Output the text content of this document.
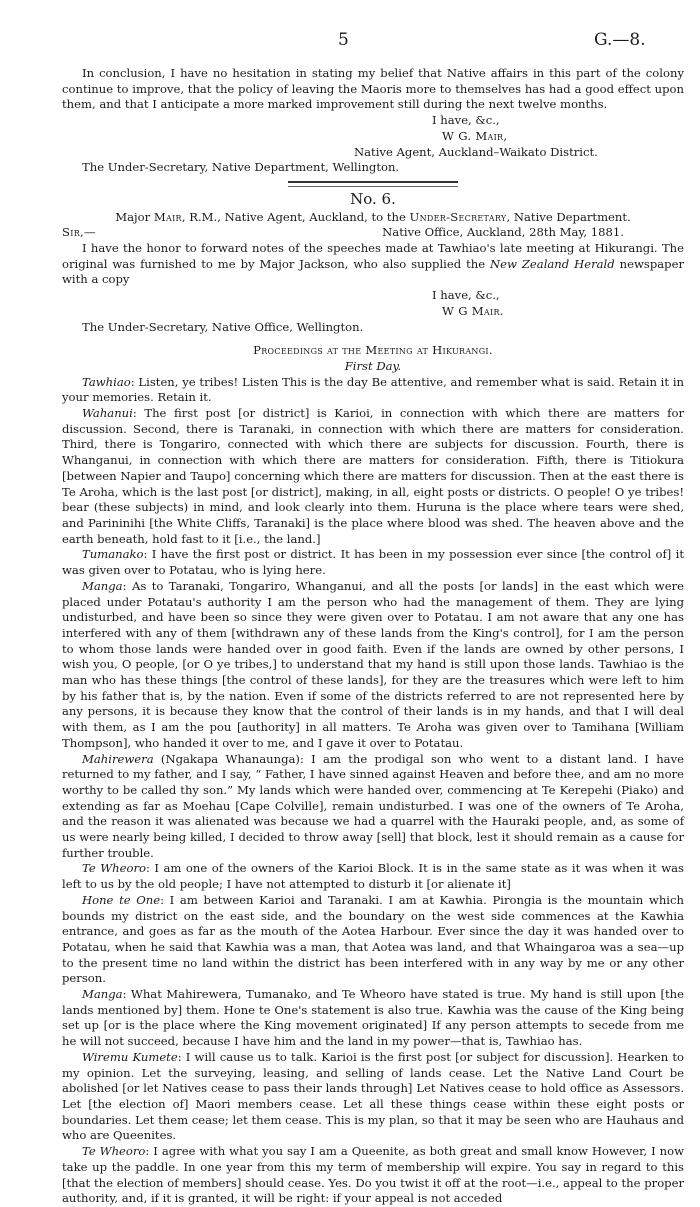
5	G.—8.

In conclusion, I have no hesitation in stating my belief that Native affairs in this part of the colony continue to improve, that the policy of leaving the Maoris more to themselves has had a good effect upon them, and that I anticipate a more marked improvement still during the next twelve months.

I have, &c.,

W G. Mair,

Native Agent, Auckland–Waikato District.

The Under-Secretary, Native Department, Wellington.

No. 6.

Major Mair, R.M., Native Agent, Auckland, to the Under-Secretary, Native Department.

Sir,—	Native Office, Auckland, 28th May, 1881.

I have the honor to forward notes of the speeches made at Tawhiao's late meeting at Hikurangi. The original was furnished to me by Major Jackson, who also supplied the New Zealand Herald newspaper with a copy

I have, &c.,

W G Mair.

The Under-Secretary, Native Office, Wellington.

Proceedings at the Meeting at Hikurangi.

First Day.

Tawhiao: Listen, ye tribes! Listen This is the day Be attentive, and remember what is said. Retain it in your memories. Retain it.

Wahanui: The first post [or district] is Karioi, in connection with which there are matters for discussion. Second, there is Taranaki, in connection with which there are matters for consideration. Third, there is Tongariro, connected with which there are subjects for discussion. Fourth, there is Whanganui, in connection with which there are matters for consideration. Fifth, there is Titiokura [between Napier and Taupo] concerning which there are matters for discussion. Then at the east there is Te Aroha, which is the last post [or district], making, in all, eight posts or districts. O people! O ye tribes! bear (these subjects) in mind, and look clearly into them. Huruna is the place where tears were shed, and Parininihi [the White Cliffs, Taranaki] is the place where blood was shed. The heaven above and the earth beneath, hold fast to it [i.e., the land.]

Tumanako: I have the first post or district. It has been in my possession ever since [the control of] it was given over to Potatau, who is lying here.

Manga: As to Taranaki, Tongariro, Whanganui, and all the posts [or lands] in the east which were placed under Potatau's authority I am the person who had the management of them. They are lying undisturbed, and have been so since they were given over to Potatau. I am not aware that any one has interfered with any of them [withdrawn any of these lands from the King's control], for I am the person to whom those lands were handed over in good faith. Even if the lands are owned by other persons, I wish you, O people, [or O ye tribes,] to understand that my hand is still upon those lands. Tawhiao is the man who has these things [the control of these lands], for they are the treasures which were left to him by his father that is, by the nation. Even if some of the districts referred to are not represented here by any persons, it is because they know that the control of their lands is in my hands, and that I will deal with them, as I am the pou [authority] in all matters. Te Aroha was given over to Tamihana [William Thompson], who handed it over to me, and I gave it over to Potatau.

Mahirewera (Ngakapa Whanaunga): I am the prodigal son who went to a distant land. I have returned to my father, and I say, “ Father, I have sinned against Heaven and before thee, and am no more worthy to be called thy son.” My lands which were handed over, commencing at Te Kerepehi (Piako) and extending as far as Moehau [Cape Colville], remain undisturbed. I was one of the owners of Te Aroha, and the reason it was alienated was because we had a quarrel with the Hauraki people, and, as some of us were nearly being killed, I decided to throw away [sell] that block, lest it should remain as a cause for further trouble.

Te Wheoro: I am one of the owners of the Karioi Block. It is in the same state as it was when it was left to us by the old people; I have not attempted to disturb it [or alienate it]

Hone te One: I am between Karioi and Taranaki. I am at Kawhia. Pirongia is the mountain which bounds my district on the east side, and the boundary on the west side commences at the Kawhia entrance, and goes as far as the mouth of the Aotea Harbour. Ever since the day it was handed over to Potatau, when he said that Kawhia was a man, that Aotea was land, and that Whaingaroa was a sea—up to the present time no land within the district has been interfered with in any way by me or any other person.

Manga: What Mahirewera, Tumanako, and Te Wheoro have stated is true. My hand is still upon [the lands mentioned by] them. Hone te One's statement is also true. Kawhia was the cause of the King being set up [or is the place where the King movement originated] If any person attempts to secede from me he will not succeed, because I have him and the land in my power—that is, Tawhiao has.

Wiremu Kumete: I will cause us to talk. Karioi is the first post [or subject for discussion]. Hearken to my opinion. Let the surveying, leasing, and selling of lands cease. Let the Native Land Court be abolished [or let Natives cease to pass their lands through] Let Natives cease to hold office as Assessors. Let [the election of] Maori members cease. Let all these things cease within these eight posts or boundaries. Let them cease; let them cease. This is my plan, so that it may be seen who are Hauhaus and who are Queenites.

Te Wheoro: I agree with what you say I am a Queenite, as both great and small know However, I now take up the paddle. In one year from this my term of membership will expire. You say in regard to this [that the election of members] should cease. Yes. Do you twist it off at the root—i.e., appeal to the proper authority, and, if it is granted, it will be right: if your appeal is not acceded
